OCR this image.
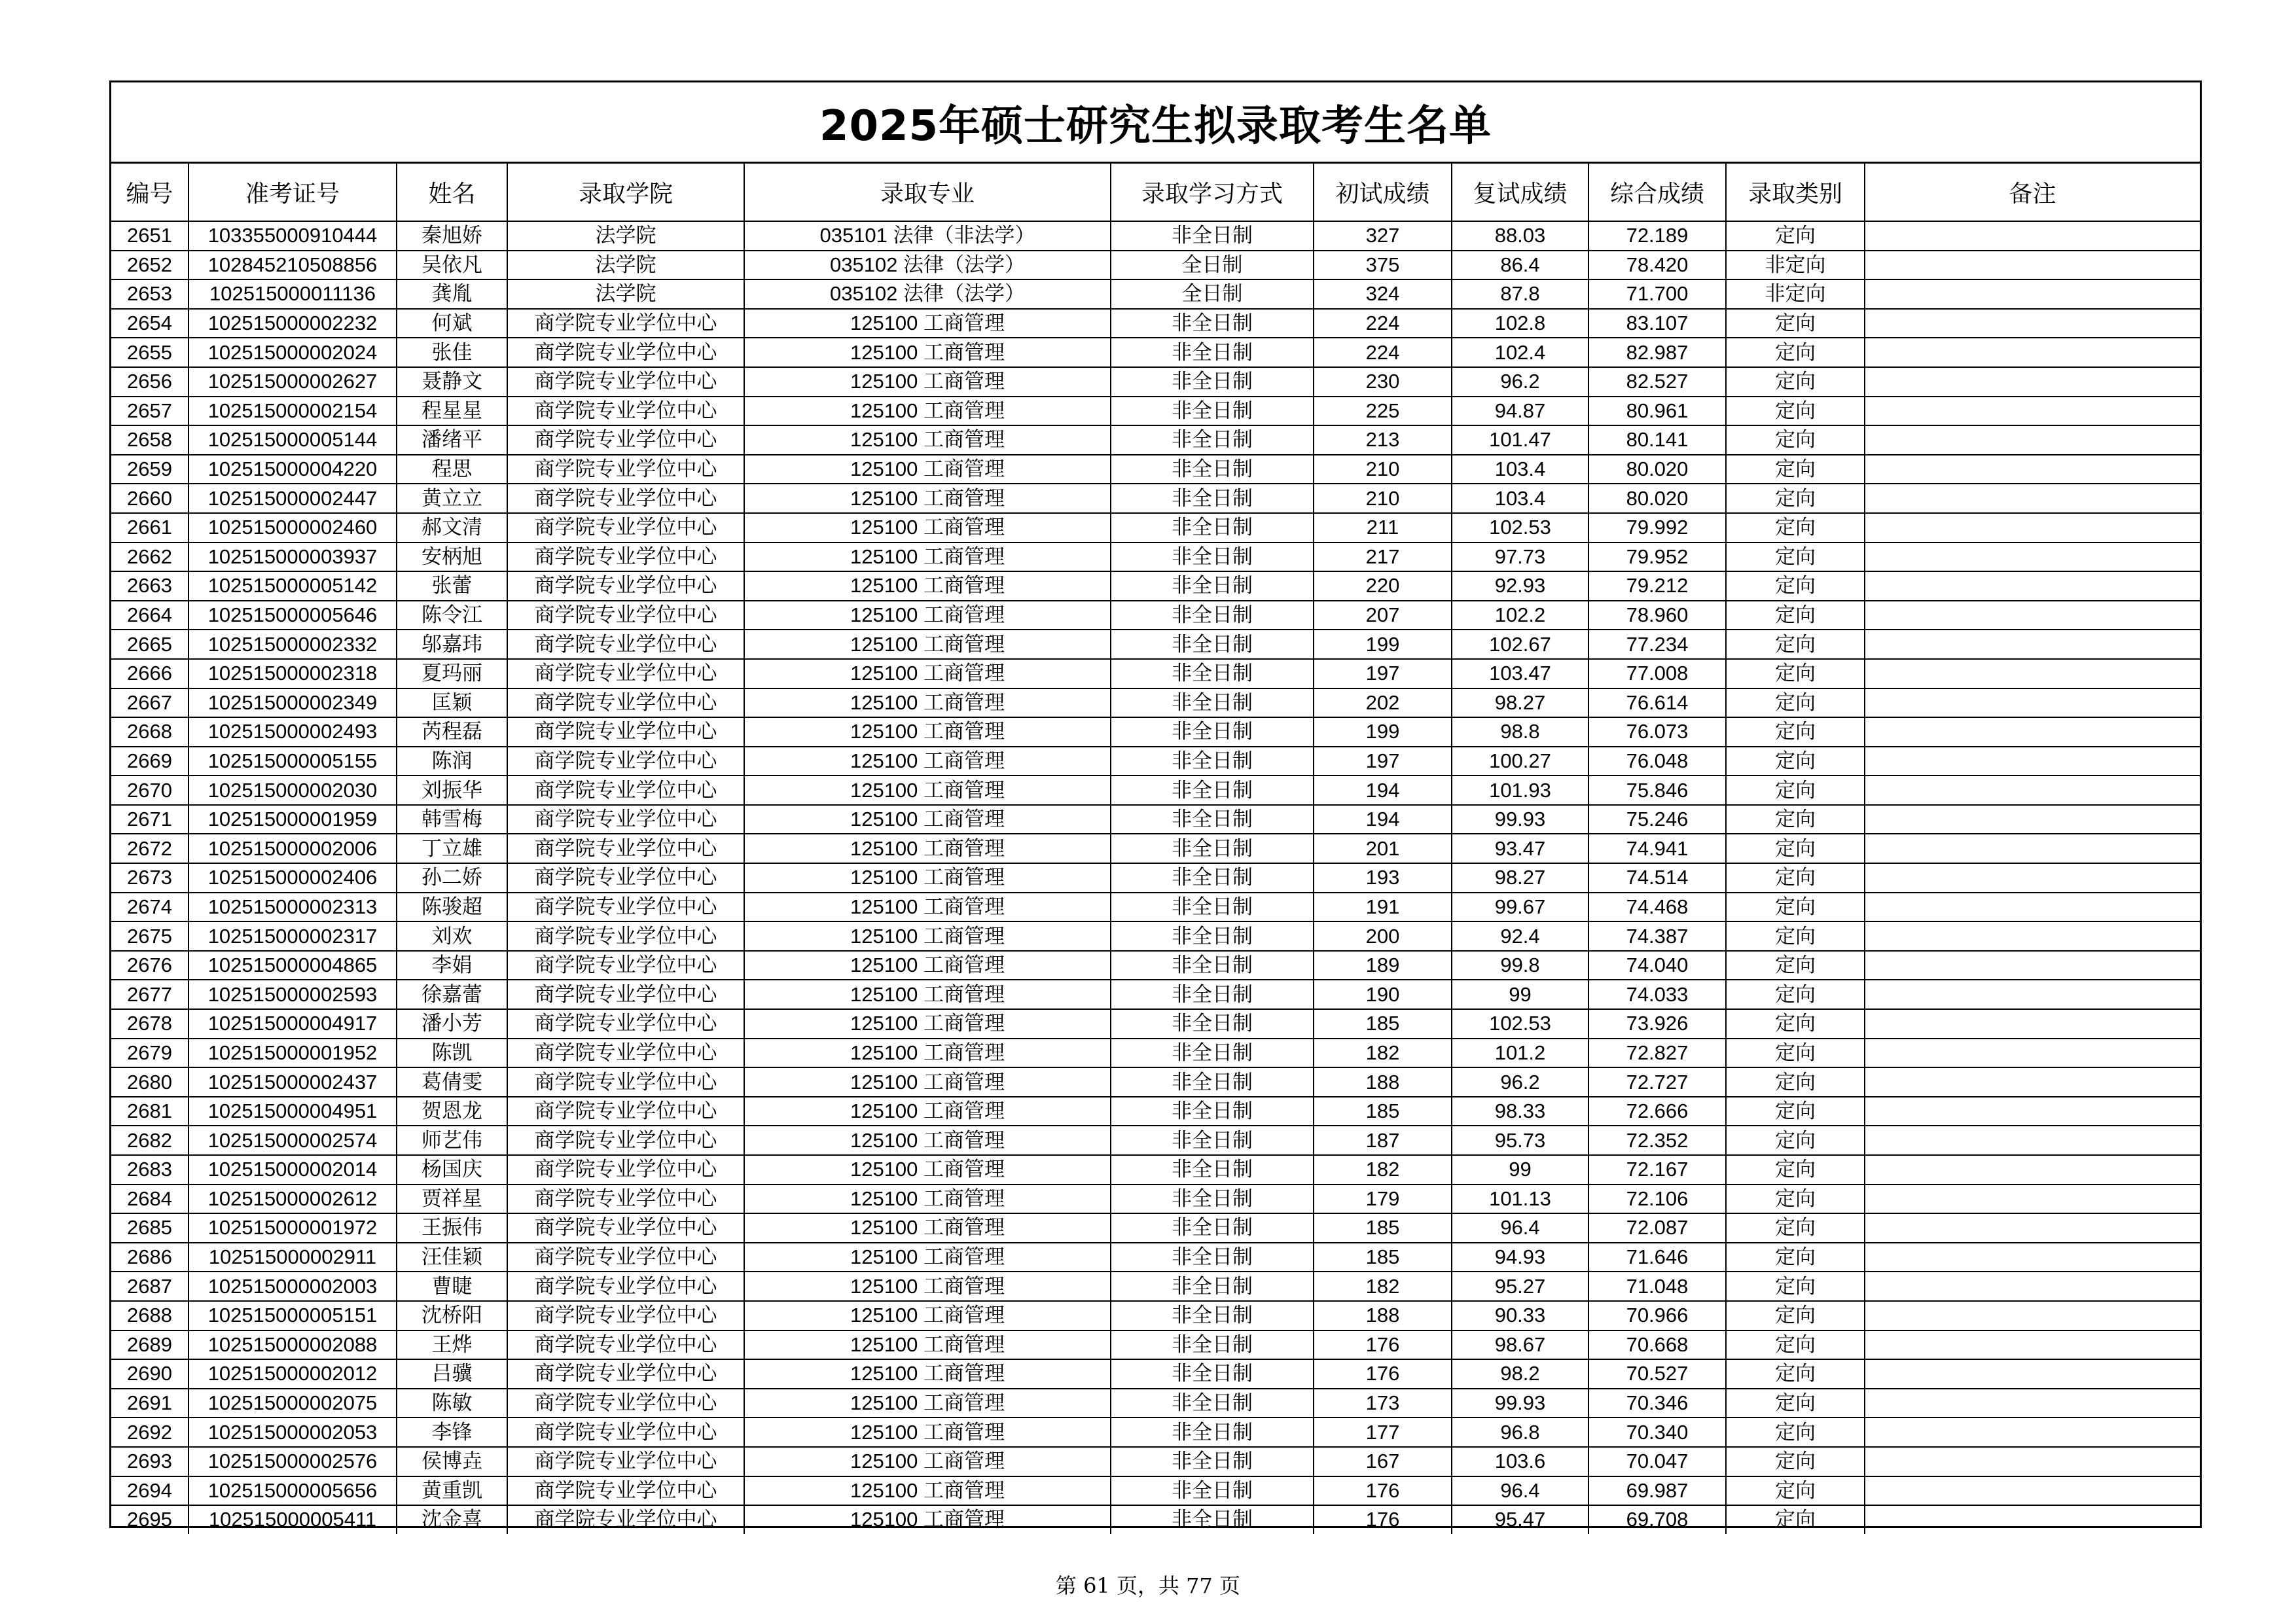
2025年硕士研究生拟录取考生名单
编号	准考证号	姓名	录取学院	录取专业	录取学习方式	初试成绩	复试成绩	综合成绩	录取类别	备注
2651	103355000910444	秦旭娇	法学院	035101 法律（非法学）	非全日制	327	88.03	72.189	定向	
2652	102845210508856	吴依凡	法学院	035102 法律（法学）	全日制	375	86.4	78.420	非定向	
2653	102515000011136	龚胤	法学院	035102 法律（法学）	全日制	324	87.8	71.700	非定向	
2654	102515000002232	何斌	商学院专业学位中心	125100 工商管理	非全日制	224	102.8	83.107	定向	
2655	102515000002024	张佳	商学院专业学位中心	125100 工商管理	非全日制	224	102.4	82.987	定向	
2656	102515000002627	聂静文	商学院专业学位中心	125100 工商管理	非全日制	230	96.2	82.527	定向	
2657	102515000002154	程星星	商学院专业学位中心	125100 工商管理	非全日制	225	94.87	80.961	定向	
2658	102515000005144	潘绪平	商学院专业学位中心	125100 工商管理	非全日制	213	101.47	80.141	定向	
2659	102515000004220	程思	商学院专业学位中心	125100 工商管理	非全日制	210	103.4	80.020	定向	
2660	102515000002447	黄立立	商学院专业学位中心	125100 工商管理	非全日制	210	103.4	80.020	定向	
2661	102515000002460	郝文清	商学院专业学位中心	125100 工商管理	非全日制	211	102.53	79.992	定向	
2662	102515000003937	安柄旭	商学院专业学位中心	125100 工商管理	非全日制	217	97.73	79.952	定向	
2663	102515000005142	张蕾	商学院专业学位中心	125100 工商管理	非全日制	220	92.93	79.212	定向	
2664	102515000005646	陈令江	商学院专业学位中心	125100 工商管理	非全日制	207	102.2	78.960	定向	
2665	102515000002332	邬嘉玮	商学院专业学位中心	125100 工商管理	非全日制	199	102.67	77.234	定向	
2666	102515000002318	夏玛丽	商学院专业学位中心	125100 工商管理	非全日制	197	103.47	77.008	定向	
2667	102515000002349	匡颖	商学院专业学位中心	125100 工商管理	非全日制	202	98.27	76.614	定向	
2668	102515000002493	芮程磊	商学院专业学位中心	125100 工商管理	非全日制	199	98.8	76.073	定向	
2669	102515000005155	陈润	商学院专业学位中心	125100 工商管理	非全日制	197	100.27	76.048	定向	
2670	102515000002030	刘振华	商学院专业学位中心	125100 工商管理	非全日制	194	101.93	75.846	定向	
2671	102515000001959	韩雪梅	商学院专业学位中心	125100 工商管理	非全日制	194	99.93	75.246	定向	
2672	102515000002006	丁立雄	商学院专业学位中心	125100 工商管理	非全日制	201	93.47	74.941	定向	
2673	102515000002406	孙二娇	商学院专业学位中心	125100 工商管理	非全日制	193	98.27	74.514	定向	
2674	102515000002313	陈骏超	商学院专业学位中心	125100 工商管理	非全日制	191	99.67	74.468	定向	
2675	102515000002317	刘欢	商学院专业学位中心	125100 工商管理	非全日制	200	92.4	74.387	定向	
2676	102515000004865	李娟	商学院专业学位中心	125100 工商管理	非全日制	189	99.8	74.040	定向	
2677	102515000002593	徐嘉蕾	商学院专业学位中心	125100 工商管理	非全日制	190	99	74.033	定向	
2678	102515000004917	潘小芳	商学院专业学位中心	125100 工商管理	非全日制	185	102.53	73.926	定向	
2679	102515000001952	陈凯	商学院专业学位中心	125100 工商管理	非全日制	182	101.2	72.827	定向	
2680	102515000002437	葛倩雯	商学院专业学位中心	125100 工商管理	非全日制	188	96.2	72.727	定向	
2681	102515000004951	贺恩龙	商学院专业学位中心	125100 工商管理	非全日制	185	98.33	72.666	定向	
2682	102515000002574	师艺伟	商学院专业学位中心	125100 工商管理	非全日制	187	95.73	72.352	定向	
2683	102515000002014	杨国庆	商学院专业学位中心	125100 工商管理	非全日制	182	99	72.167	定向	
2684	102515000002612	贾祥星	商学院专业学位中心	125100 工商管理	非全日制	179	101.13	72.106	定向	
2685	102515000001972	王振伟	商学院专业学位中心	125100 工商管理	非全日制	185	96.4	72.087	定向	
2686	102515000002911	汪佳颖	商学院专业学位中心	125100 工商管理	非全日制	185	94.93	71.646	定向	
2687	102515000002003	曹睫	商学院专业学位中心	125100 工商管理	非全日制	182	95.27	71.048	定向	
2688	102515000005151	沈桥阳	商学院专业学位中心	125100 工商管理	非全日制	188	90.33	70.966	定向	
2689	102515000002088	王烨	商学院专业学位中心	125100 工商管理	非全日制	176	98.67	70.668	定向	
2690	102515000002012	吕骥	商学院专业学位中心	125100 工商管理	非全日制	176	98.2	70.527	定向	
2691	102515000002075	陈敏	商学院专业学位中心	125100 工商管理	非全日制	173	99.93	70.346	定向	
2692	102515000002053	李锋	商学院专业学位中心	125100 工商管理	非全日制	177	96.8	70.340	定向	
2693	102515000002576	侯博垚	商学院专业学位中心	125100 工商管理	非全日制	167	103.6	70.047	定向	
2694	102515000005656	黄重凯	商学院专业学位中心	125100 工商管理	非全日制	176	96.4	69.987	定向	
2695	102515000005411	沈金喜	商学院专业学位中心	125100 工商管理	非全日制	176	95.47	69.708	定向	
第 61 页，共 77 页
